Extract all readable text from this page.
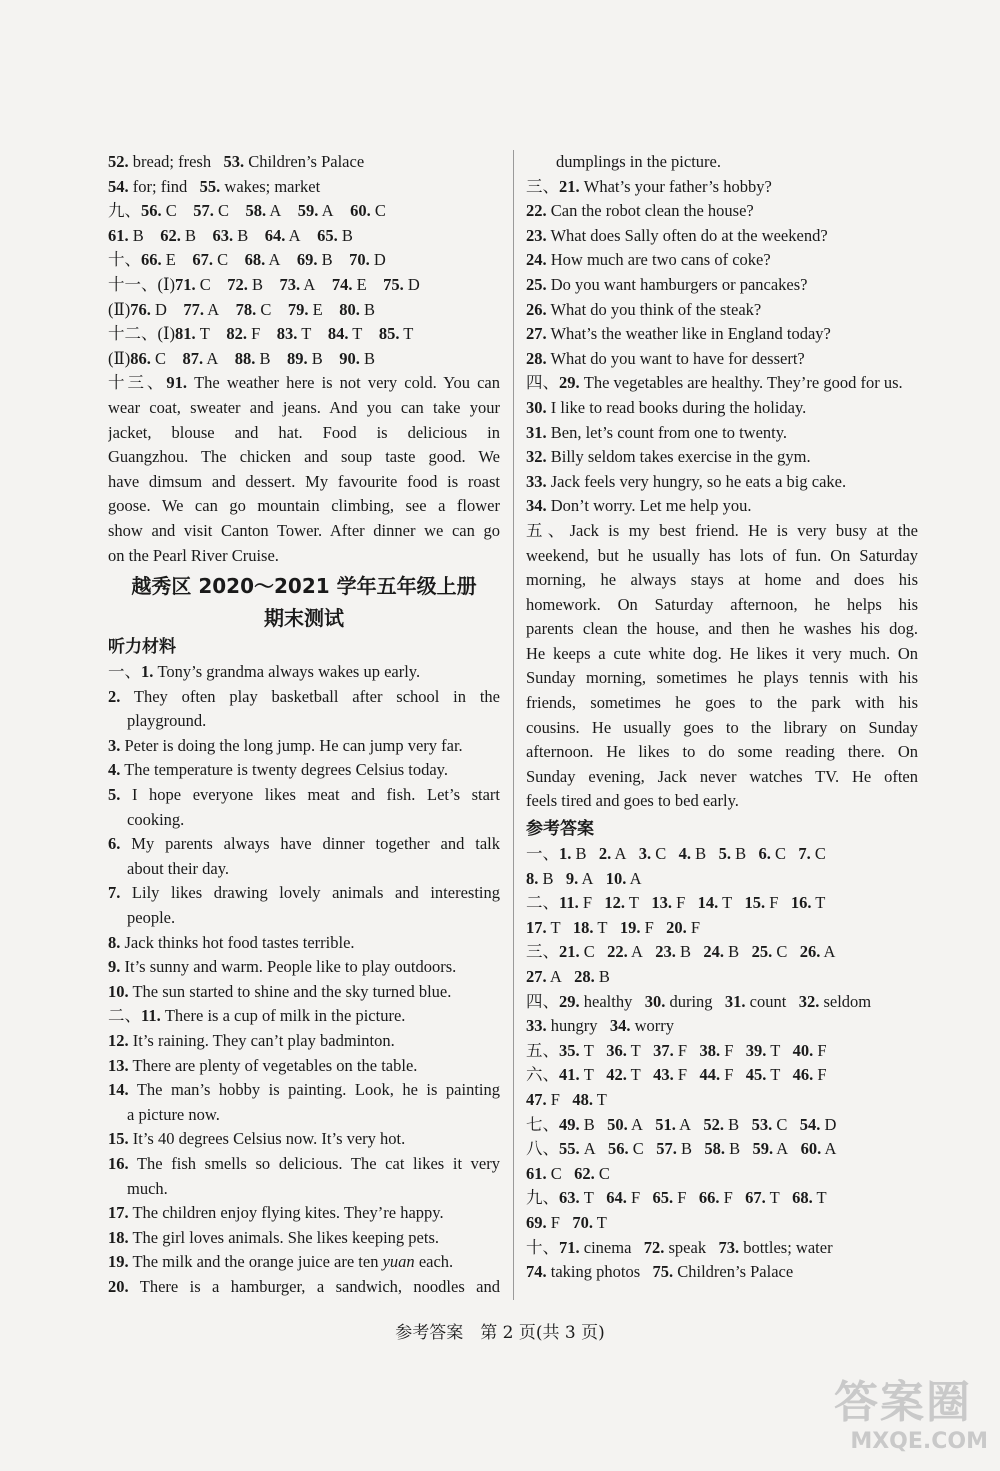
52. bread; fresh   53. Children’s Palace
54. for; find   55. wakes; market
九、56. C    57. C    58. A    59. A    60. C
61. B    62. B    63. B    64. A    65. B
十、66. E    67. C    68. A    69. B    70. D
十一、(Ⅰ)71. C    72. B    73. A    74. E    75. D
(Ⅱ)76. D    77. A    78. C    79. E    80. B
十二、(Ⅰ)81. T    82. F    83. T    84. T    85. T
(Ⅱ)86. C    87. A    88. B    89. B    90. B
十三、91. The weather here is not very cold. You can
wear coat, sweater and jeans. And you can take your
jacket, blouse and hat. Food is delicious in
Guangzhou. The chicken and soup taste good. We
have dimsum and dessert. My favourite food is roast
goose. We can go mountain climbing, see a flower
show and visit Canton Tower. After dinner we can go
on the Pearl River Cruise.
越秀区 2020～2021 学年五年级上册
期末测试
听力材料
一、1. Tony’s grandma always wakes up early.
2. They often play basketball after school in the
playground.
3. Peter is doing the long jump. He can jump very far.
4. The temperature is twenty degrees Celsius today.
5. I hope everyone likes meat and fish. Let’s start
cooking.
6. My parents always have dinner together and talk
about their day.
7. Lily likes drawing lovely animals and interesting
people.
8. Jack thinks hot food tastes terrible.
9. It’s sunny and warm. People like to play outdoors.
10. The sun started to shine and the sky turned blue.
二、11. There is a cup of milk in the picture.
12. It’s raining. They can’t play badminton.
13. There are plenty of vegetables on the table.
14. The man’s hobby is painting. Look, he is painting
a picture now.
15. It’s 40 degrees Celsius now. It’s very hot.
16. The fish smells so delicious. The cat likes it very
much.
17. The children enjoy flying kites. They’re happy.
18. The girl loves animals. She likes keeping pets.
19. The milk and the orange juice are ten yuan each.
20. There is a hamburger, a sandwich, noodles and
dumplings in the picture.
三、21. What’s your father’s hobby?
22. Can the robot clean the house?
23. What does Sally often do at the weekend?
24. How much are two cans of coke?
25. Do you want hamburgers or pancakes?
26. What do you think of the steak?
27. What’s the weather like in England today?
28. What do you want to have for dessert?
四、29. The vegetables are healthy. They’re good for us.
30. I like to read books during the holiday.
31. Ben, let’s count from one to twenty.
32. Billy seldom takes exercise in the gym.
33. Jack feels very hungry, so he eats a big cake.
34. Don’t worry. Let me help you.
五、Jack is my best friend. He is very busy at the
weekend, but he usually has lots of fun. On Saturday
morning, he always stays at home and does his
homework. On Saturday afternoon, he helps his
parents clean the house, and then he washes his dog.
He keeps a cute white dog. He likes it very much. On
Sunday morning, sometimes he plays tennis with his
friends, sometimes he goes to the park with his
cousins. He usually goes to the library on Sunday
afternoon. He likes to do some reading there. On
Sunday evening, Jack never watches TV. He often
feels tired and goes to bed early.
参考答案
一、1. B   2. A   3. C   4. B   5. B   6. C   7. C
8. B   9. A   10. A
二、11. F   12. T   13. F   14. T   15. F   16. T
17. T   18. T   19. F   20. F
三、21. C   22. A   23. B   24. B   25. C   26. A
27. A   28. B
四、29. healthy   30. during   31. count   32. seldom
33. hungry   34. worry
五、35. T   36. T   37. F   38. F   39. T   40. F
六、41. T   42. T   43. F   44. F   45. T   46. F
47. F   48. T
七、49. B   50. A   51. A   52. B   53. C   54. D
八、55. A   56. C   57. B   58. B   59. A   60. A
61. C   62. C
九、63. T   64. F   65. F   66. F   67. T   68. T
69. F   70. T
十、71. cinema   72. speak   73. bottles; water
74. taking photos   75. Children’s Palace
参考答案　第 2 页(共 3 页)
答案圈
MXQE.COM
